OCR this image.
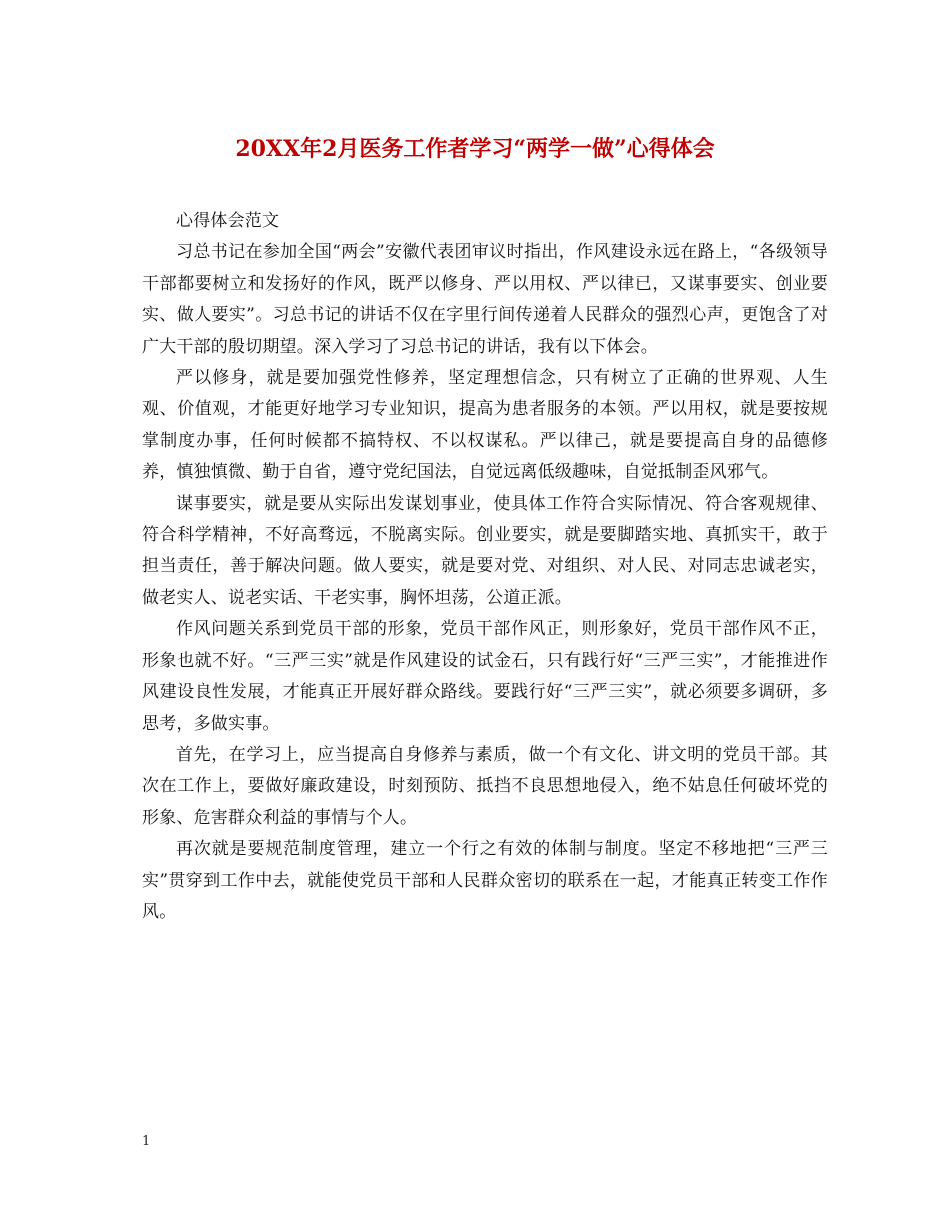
20XX年2月医务工作者学习“两学一做”心得体会

心得体会范文

习总书记在参加全国“两会”安徽代表团审议时指出，作风建设永远在路上，“各级领导干部都要树立和发扬好的作风，既严以修身、严以用权、严以律已，又谋事要实、创业要实、做人要实”。习总书记的讲话不仅在字里行间传递着人民群众的强烈心声，更饱含了对广大干部的殷切期望。深入学习了习总书记的讲话，我有以下体会。

严以修身，就是要加强党性修养，坚定理想信念，只有树立了正确的世界观、人生观、价值观，才能更好地学习专业知识，提高为患者服务的本领。严以用权，就是要按规掌制度办事，任何时候都不搞特权、不以权谋私。严以律己，就是要提高自身的品德修养，慎独慎微、勤于自省，遵守党纪国法，自觉远离低级趣味，自觉抵制歪风邪气。

谋事要实，就是要从实际出发谋划事业，使具体工作符合实际情况、符合客观规律、符合科学精神，不好高骛远，不脱离实际。创业要实，就是要脚踏实地、真抓实干，敢于担当责任，善于解决问题。做人要实，就是要对党、对组织、对人民、对同志忠诚老实，做老实人、说老实话、干老实事，胸怀坦荡，公道正派。

作风问题关系到党员干部的形象，党员干部作风正，则形象好，党员干部作风不正，形象也就不好。“三严三实”就是作风建设的试金石，只有践行好“三严三实”，才能推进作风建设良性发展，才能真正开展好群众路线。要践行好“三严三实”，就必须要多调研，多思考，多做实事。

首先，在学习上，应当提高自身修养与素质，做一个有文化、讲文明的党员干部。其次在工作上，要做好廉政建设，时刻预防、抵挡不良思想地侵入，绝不姑息任何破坏党的形象、危害群众利益的事情与个人。

再次就是要规范制度管理，建立一个行之有效的体制与制度。坚定不移地把“三严三实”贯穿到工作中去，就能使党员干部和人民群众密切的联系在一起，才能真正转变工作作风。

1
